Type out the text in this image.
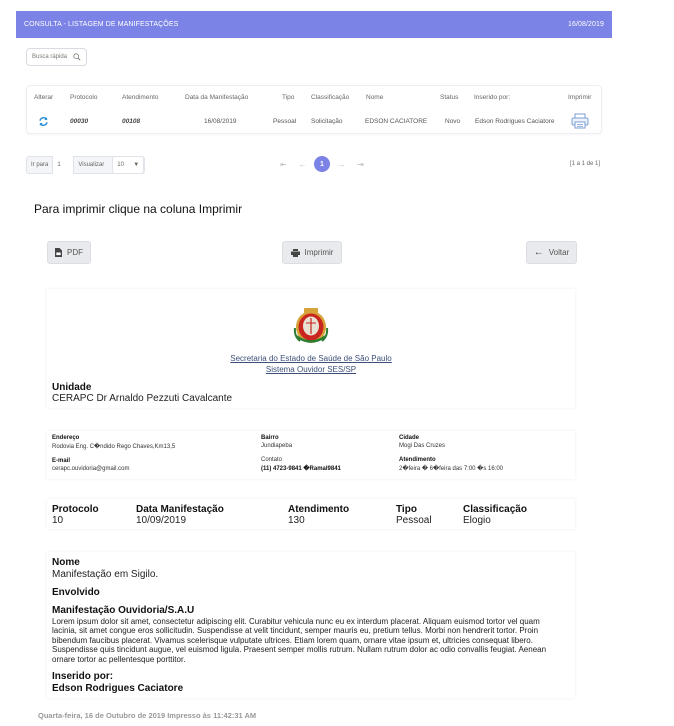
CONSULTA - LISTAGEM DE MANIFESTAÇÕES	16/08/2019
Busca rápida
Alterar	Protocolo	Atendimento	Data da Manifestação	Tipo	Classificação	Nome	Status Inserido por:	Imprimir
00030	00108	16/08/2019	Pessoal Solicitação	EDSON CACIATORE	Novo Edson Rodrigues Caciatore
Ir para	1	Visualizar	10 ▼	⇤	←	1	→	⇥	[1 a 1 de 1]
Para imprimir clique na coluna Imprimir
PDF	Imprimir	← Voltar
Secretaria do Estado de Saúde de São Paulo
Sistema Ouvidor SES/SP
Unidade
CERAPC Dr Arnaldo Pezzuti Cavalcante
Endereço
Rodovia Eng. C�ndido Rego Chaves,Km13,5
Bairro
Jundiapeba
Cidade
Mogi Das Cruzes
E-mail
cerapc.ouvidoria@gmail.com
Contato
(11) 4723-9841 �Ramal9841
Atendimento
2�feira � 6�feira das 7:00 �s 16:00
Protocolo
10
Data Manifestação
10/09/2019
Atendimento
130
Tipo
Pessoal
Classificação
Elogio
Nome
Manifestação em Sigilo.
Envolvido
Manifestação Ouvidoria/S.A.U
Lorem ipsum dolor sit amet, consectetur adipiscing elit. Curabitur vehicula nunc eu ex interdum placerat. Aliquam euismod tortor vel quam lacinia, sit amet congue eros sollicitudin. Suspendisse at velit tincidunt, semper mauris eu, pretium tellus. Morbi non hendrerit tortor. Proin bibendum faucibus placerat. Vivamus scelerisque vulputate ultrices. Etiam lorem quam, ornare vitae ipsum et, ultricies consequat libero. Suspendisse quis tincidunt augue, vel euismod ligula. Praesent semper mollis rutrum. Nullam rutrum dolor ac odio convallis feugiat. Aenean ornare tortor ac pellentesque porttitor.
Inserido por:
Edson Rodrigues Caciatore
Quarta-feira, 16 de Outubro de 2019 Impresso às 11:42:31 AM
